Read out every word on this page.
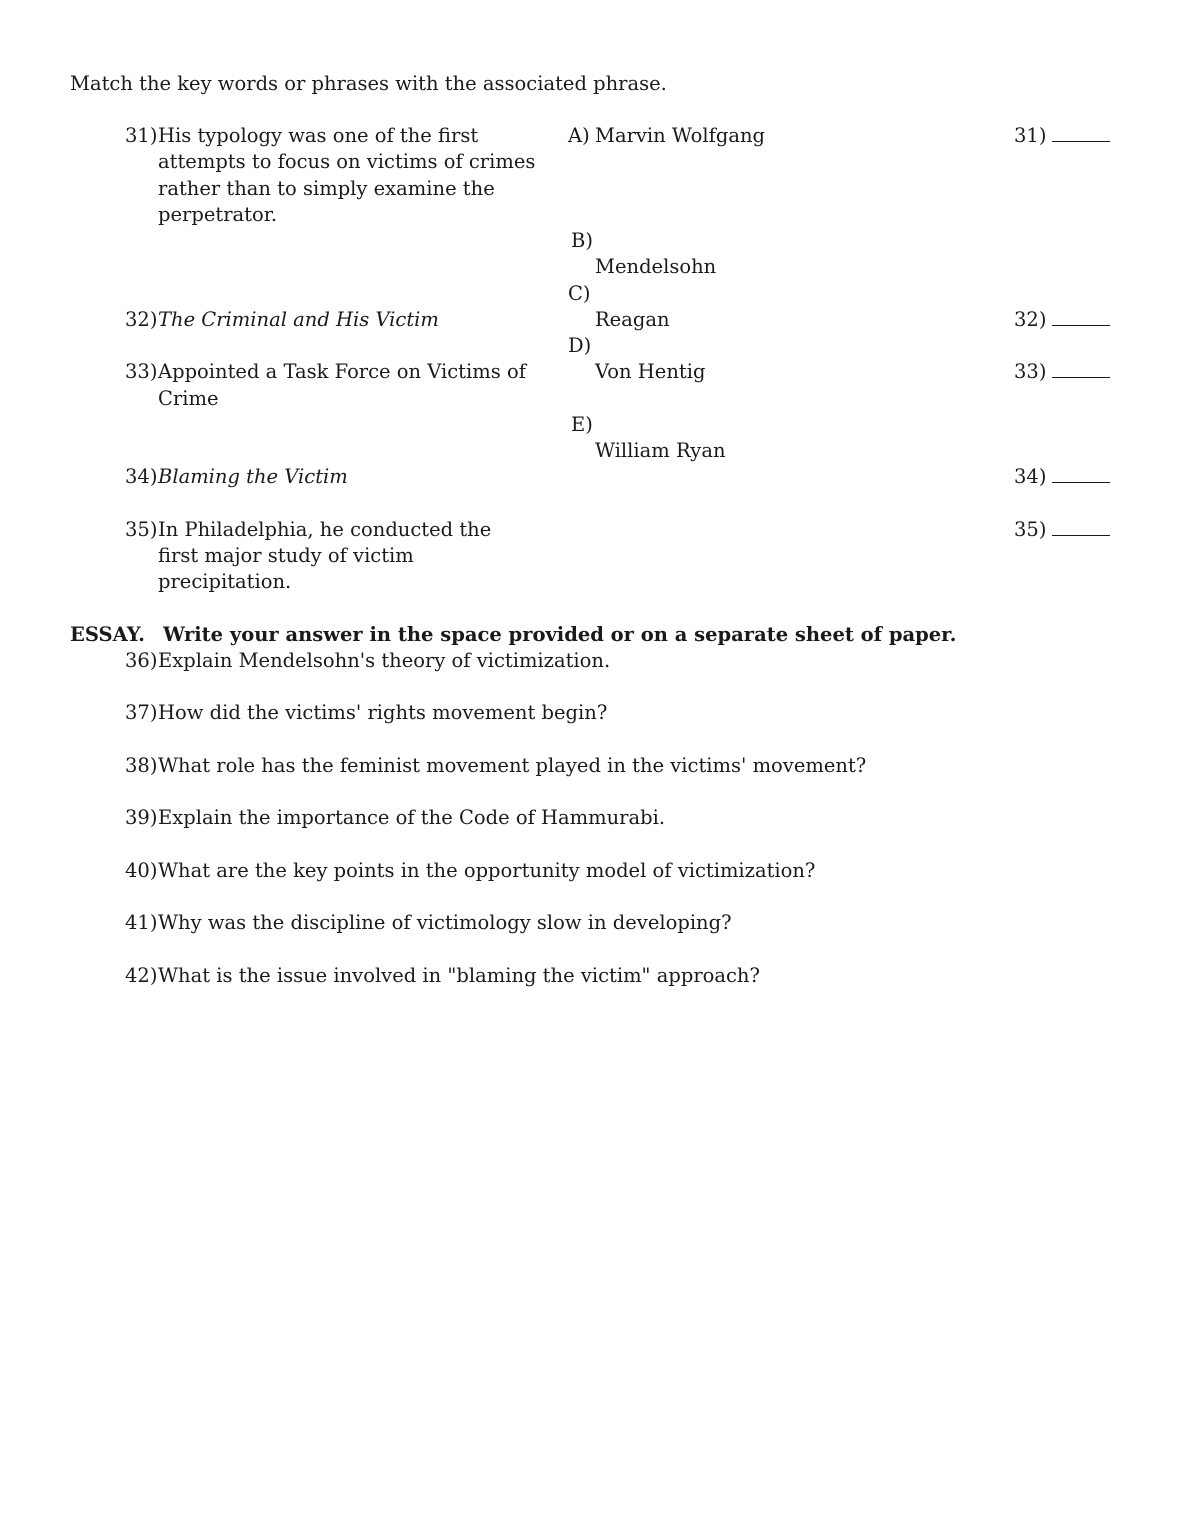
Match the key words or phrases with the associated phrase.
31) His typology was one of the first
attempts to focus on victims of crimes
rather than to simply examine the
perpetrator.
32) The Criminal and His Victim
33) Appointed a Task Force on Victims of
Crime
34) Blaming the Victim
35) In Philadelphia, he conducted the
first major study of victim
precipitation.
A) Marvin Wolfgang
B)
Mendelsohn
C)
Reagan
D)
Von Hentig
E)
William Ryan
31)
32)
33)
34)
35)
ESSAY. Write your answer in the space provided or on a separate sheet of paper.
36) Explain Mendelsohn's theory of victimization.
37) How did the victims' rights movement begin?
38) What role has the feminist movement played in the victims' movement?
39) Explain the importance of the Code of Hammurabi.
40) What are the key points in the opportunity model of victimization?
41) Why was the discipline of victimology slow in developing?
42) What is the issue involved in "blaming the victim" approach?
